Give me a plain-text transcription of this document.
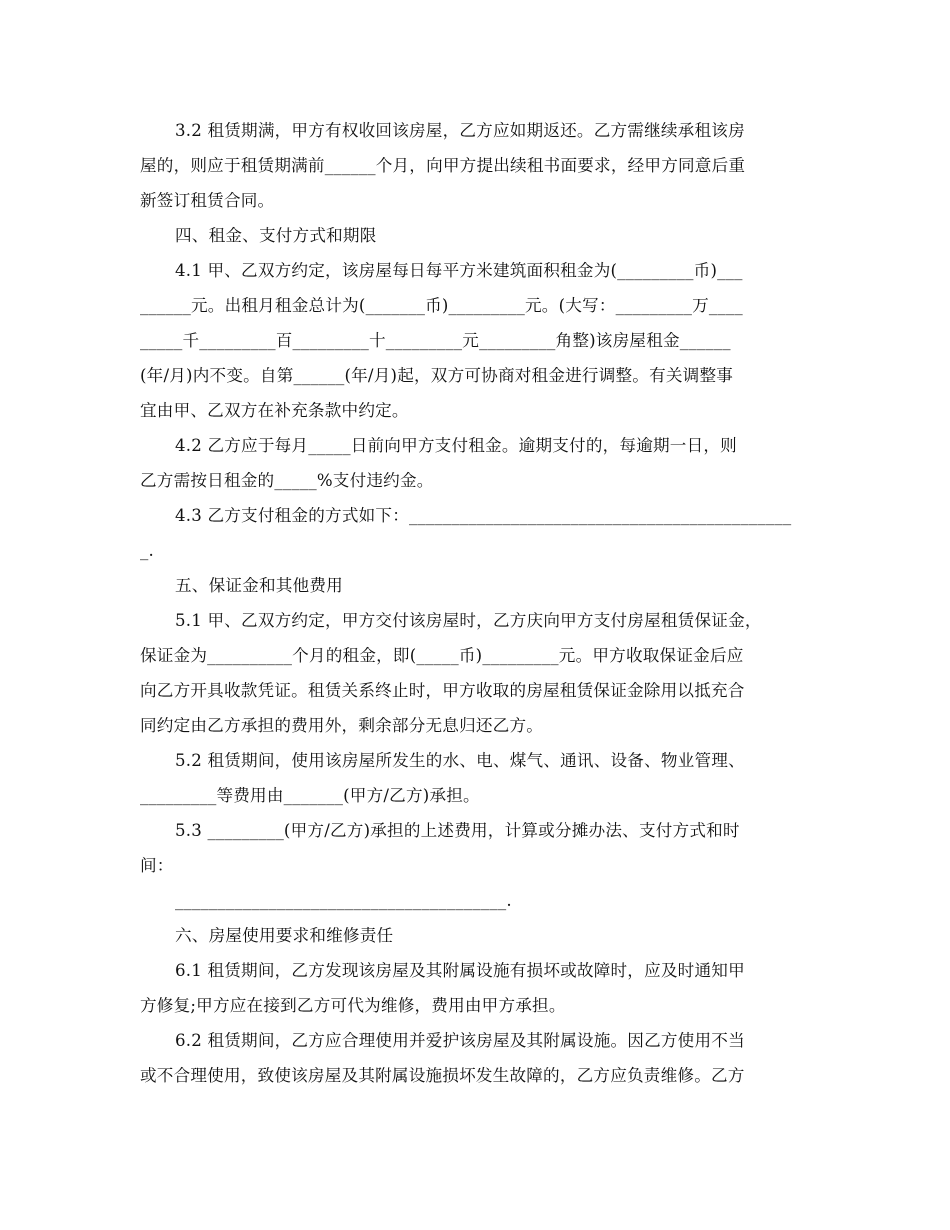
3.2 租赁期满，甲方有权收回该房屋，乙方应如期返还。乙方需继续承租该房
屋的，则应于租赁期满前______个月，向甲方提出续租书面要求，经甲方同意后重
新签订租赁合同。
四、租金、支付方式和期限
4.1 甲、乙双方约定，该房屋每日每平方米建筑面积租金为(_________币)___
______元。出租月租金总计为(_______币)_________元。(大写：_________万____
_____千_________百_________十_________元_________角整)该房屋租金______
(年/月)内不变。自第______(年/月)起，双方可协商对租金进行调整。有关调整事
宜由甲、乙双方在补充条款中约定。
4.2 乙方应于每月_____日前向甲方支付租金。逾期支付的，每逾期一日，则
乙方需按日租金的_____%支付违约金。
4.3 乙方支付租金的方式如下：_____________________________________________
_.
五、保证金和其他费用
5.1 甲、乙双方约定，甲方交付该房屋时，乙方庆向甲方支付房屋租赁保证金，
保证金为__________个月的租金，即(_____币)_________元。甲方收取保证金后应
向乙方开具收款凭证。租赁关系终止时，甲方收取的房屋租赁保证金除用以抵充合
同约定由乙方承担的费用外，剩余部分无息归还乙方。
5.2 租赁期间，使用该房屋所发生的水、电、煤气、通讯、设备、物业管理、
_________等费用由_______(甲方/乙方)承担。
5.3 _________(甲方/乙方)承担的上述费用，计算或分摊办法、支付方式和时
间：
_______________________________________.
六、房屋使用要求和维修责任
6.1 租赁期间，乙方发现该房屋及其附属设施有损坏或故障时，应及时通知甲
方修复;甲方应在接到乙方可代为维修，费用由甲方承担。
6.2 租赁期间，乙方应合理使用并爱护该房屋及其附属设施。因乙方使用不当
或不合理使用，致使该房屋及其附属设施损坏发生故障的，乙方应负责维修。乙方
